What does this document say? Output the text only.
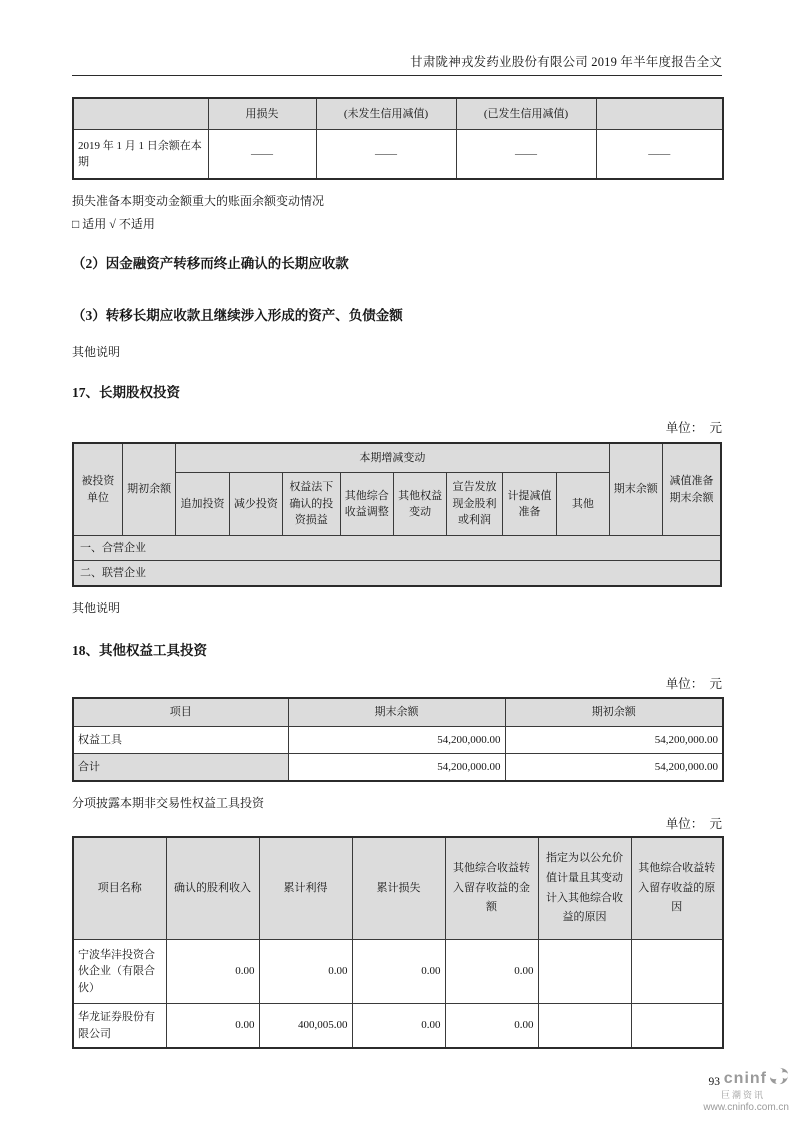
甘肃陇神戎发药业股份有限公司 2019 年半年度报告全文
	用损失	(未发生信用减值)	(已发生信用减值)	
2019 年 1 月 1 日余额在本期	——	——	——	——

损失准备本期变动金额重大的账面余额变动情况

□ 适用 √ 不适用

（2）因金融资产转移而终止确认的长期应收款

（3）转移长期应收款且继续涉入形成的资产、负债金额

其他说明

17、长期股权投资

单位：　元

被投资单位	期初余额	本期增减变动								期末余额	减值准备期末余额
		追加投资	减少投资	权益法下确认的投资损益	其他综合收益调整	其他权益变动	宣告发放现金股利或利润	计提减值准备	其他		
一、合营企业											
二、联营企业											

其他说明

18、其他权益工具投资

单位：　元

项目	期末余额	期初余额
权益工具	54,200,000.00	54,200,000.00
合计	54,200,000.00	54,200,000.00

分项披露本期非交易性权益工具投资

单位：　元

项目名称	确认的股利收入	累计利得	累计损失	其他综合收益转入留存收益的金额	指定为以公允价值计量且其变动计入其他综合收益的原因	其他综合收益转入留存收益的原因
宁波华沣投资合伙企业（有限合伙）	0.00	0.00	0.00	0.00		
华龙证券股份有限公司	0.00	400,005.00	0.00	0.00		
93 cninf
巨潮资讯
www.cninfo.com.cn
